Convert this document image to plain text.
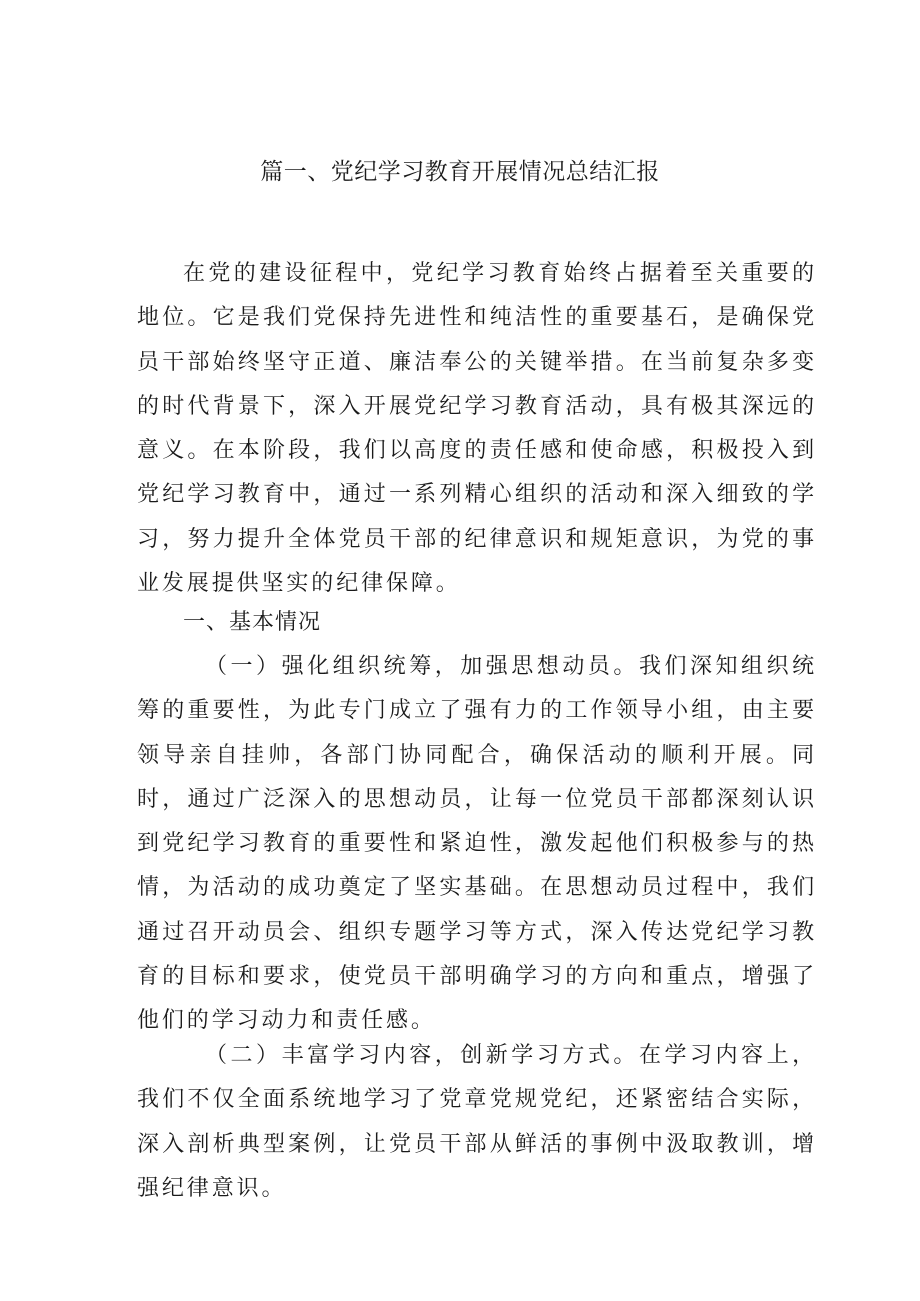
篇一、党纪学习教育开展情况总结汇报

在党的建设征程中，党纪学习教育始终占据着至关重要的地位。它是我们党保持先进性和纯洁性的重要基石，是确保党员干部始终坚守正道、廉洁奉公的关键举措。在当前复杂多变的时代背景下，深入开展党纪学习教育活动，具有极其深远的意义。在本阶段，我们以高度的责任感和使命感，积极投入到党纪学习教育中，通过一系列精心组织的活动和深入细致的学习，努力提升全体党员干部的纪律意识和规矩意识，为党的事业发展提供坚实的纪律保障。

一、基本情况

（一）强化组织统筹，加强思想动员。我们深知组织统筹的重要性，为此专门成立了强有力的工作领导小组，由主要领导亲自挂帅，各部门协同配合，确保活动的顺利开展。同时，通过广泛深入的思想动员，让每一位党员干部都深刻认识到党纪学习教育的重要性和紧迫性，激发起他们积极参与的热情，为活动的成功奠定了坚实基础。在思想动员过程中，我们通过召开动员会、组织专题学习等方式，深入传达党纪学习教育的目标和要求，使党员干部明确学习的方向和重点，增强了他们的学习动力和责任感。

（二）丰富学习内容，创新学习方式。在学习内容上，我们不仅全面系统地学习了党章党规党纪，还紧密结合实际，深入剖析典型案例，让党员干部从鲜活的事例中汲取教训，增强纪律意识。
